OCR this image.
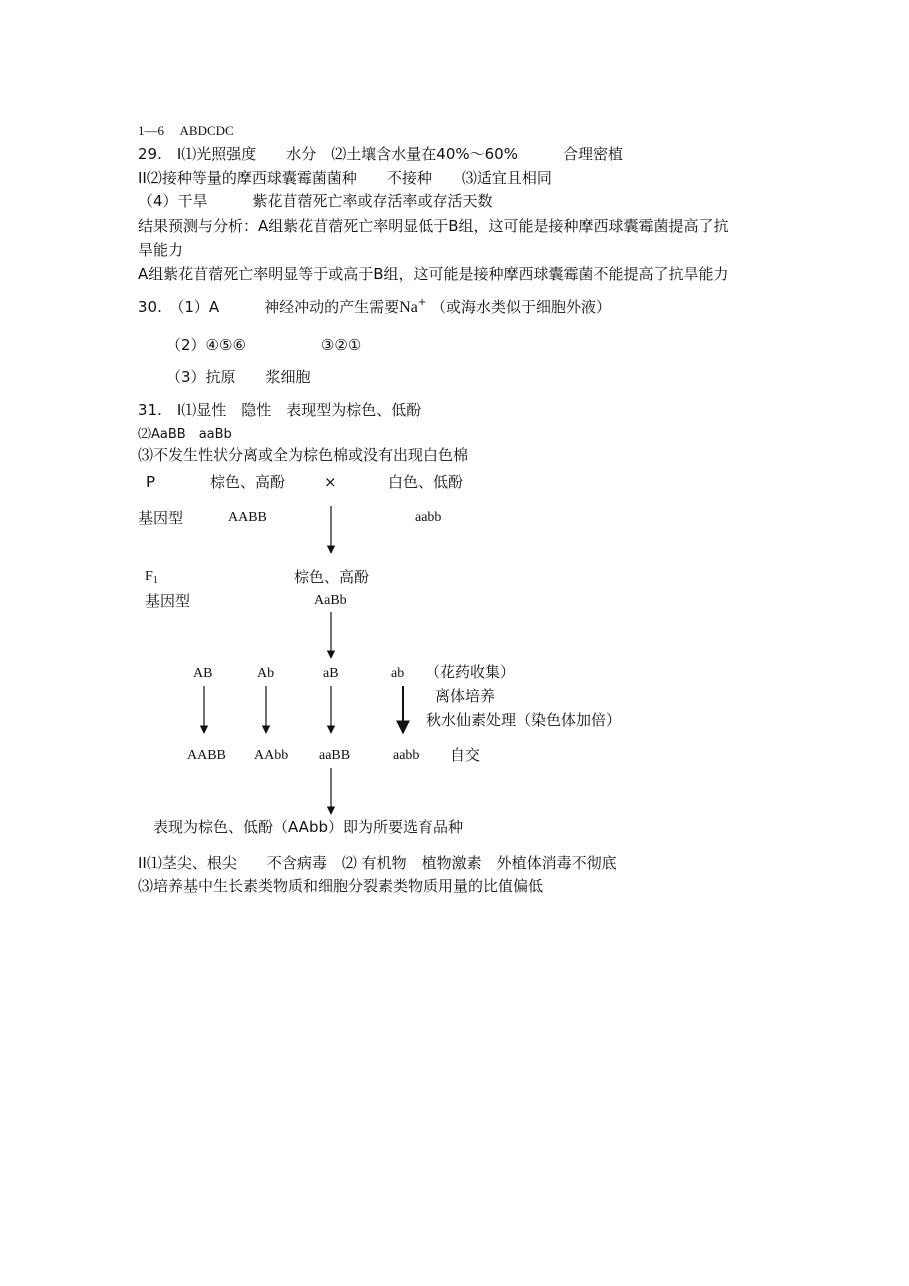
1—6　 ABDCDC
29.　I⑴光照强度　　水分　⑵土壤含水量在40%～60%　　　合理密植
II⑵接种等量的摩西球囊霉菌菌种　　不接种　　⑶适宜且相同
（4）干旱　　　紫花苜蓿死亡率或存活率或存活天数
结果预测与分析：A组紫花苜蓿死亡率明显低于B组，这可能是接种摩西球囊霉菌提高了抗
旱能力
A组紫花苜蓿死亡率明显等于或高于B组，这可能是接种摩西球囊霉菌不能提高了抗旱能力
30.　（1）A　　　神经冲动的产生需要Na+ （或海水类似于细胞外液）
（2）④⑤⑥　　　　　③②①
（3）抗原　　浆细胞
31.　I⑴显性　隐性　表现型为棕色、低酚
⑵AaBB　aaBb
⑶不发生性状分离或全为棕色棉或没有出现白色棉
P	棕色、高酚	×	白色、低酚
基因型	AABB	aabb
$F_1$	棕色、高酚
基因型	AaBb
AB	Ab	aB	ab （花药收集）
离体培养
秋水仙素处理（染色体加倍）
AABB AAbb aaBB	aabb 自交
表现为棕色、低酚（AAbb）即为所要选育品种
II⑴茎尖、根尖　　不含病毒　⑵ 有机物　植物激素　外植体消毒不彻底
⑶培养基中生长素类物质和细胞分裂素类物质用量的比值偏低
